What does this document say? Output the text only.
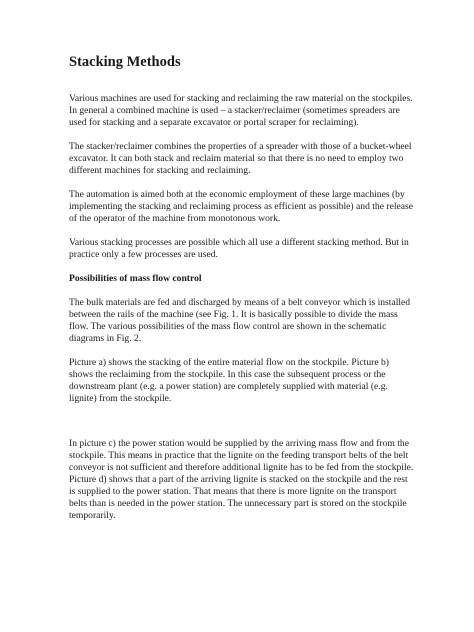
Stacking Methods

Various machines are used for stacking and reclaiming the raw material on the stockpiles. In general a combined machine is used – a stacker/reclaimer (sometimes spreaders are used for stacking and a separate excavator or portal scraper for reclaiming).

The stacker/reclaimer combines the properties of a spreader with those of a bucket-wheel excavator. It can both stack and reclaim material so that there is no need to employ two different machines for stacking and reclaiming.

The automation is aimed both at the economic employment of these large machines (by implementing the stacking and reclaiming process as efficient as possible) and the release of the operator of the machine from monotonous work.

Various stacking processes are possible which all use a different stacking method. But in practice only a few processes are used.

Possibilities of mass flow control

The bulk materials are fed and discharged by means of a belt conveyor which is installed between the rails of the machine (see Fig. 1. It is basically possible to divide the mass flow. The various possibilities of the mass flow control are shown in the schematic diagrams in Fig. 2.

Picture a) shows the stacking of the entire material flow on the stockpile. Picture b) shows the reclaiming from the stockpile. In this case the subsequent process or the downstream plant (e.g. a power station) are completely supplied with material (e.g. lignite) from the stockpile.

In picture c) the power station would be supplied by the arriving mass flow and from the stockpile. This means in practice that the lignite on the feeding transport belts of the belt conveyor is not sufficient and therefore additional lignite has to be fed from the stockpile. Picture d) shows that a part of the arriving lignite is stacked on the stockpile and the rest is supplied to the power station. That means that there is more lignite on the transport belts than is needed in the power station. The unnecessary part is stored on the stockpile temporarily.
